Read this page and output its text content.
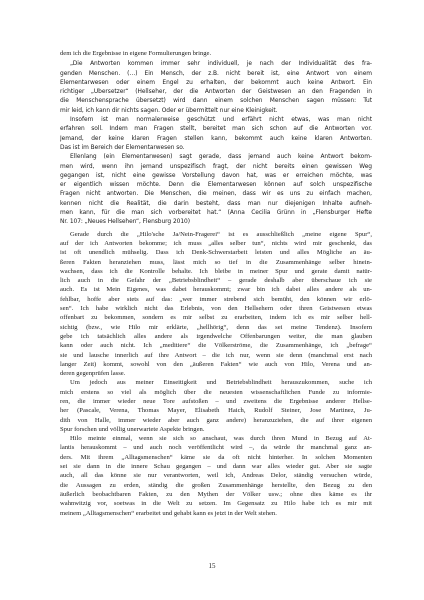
dem ich die Ergebnisse in eigene Formulierungen bringe.
„Die Antworten kommen immer sehr individuell, je nach der Individualität des fra-
genden Menschen. (…) Ein Mensch, der z.B. nicht bereit ist, eine Antwort von einem
Elementarwesen oder einem Engel zu erhalten, der bekommt auch keine Antwort. Ein
richtiger „Übersetzer“ (Hellseher, der die Antworten der Geistwesen an den Fragenden in
die Menschensprache übersetzt) wird dann einem solchen Menschen sagen müssen: Tut
mir leid, ich kann dir nichts sagen. Oder er übermittelt nur eine Kleinigkeit.
Insofern ist man normalerweise geschützt und erfährt nicht etwas, was man nicht
erfahren soll. Indem man Fragen stellt, bereitet man sich schon auf die Antworten vor.
Jemand, der keine klaren Fragen stellen kann, bekommt auch keine klaren Antworten.
Das ist im Bereich der Elementarwesen so.
Ellenlang (ein Elementarwesen) sagt gerade, dass jemand auch keine Antwort bekom-
men wird, wenn ihn jemand unspezifisch fragt, der nicht bereits einen gewissen Weg
gegangen ist, nicht eine gewisse Vorstellung davon hat, was er erreichen möchte, was
er eigentlich wissen möchte. Denn die Elementarwesen können auf solch unspezifische
Fragen nicht antworten. Die Menschen, die meinen, dass wir es uns zu einfach machen,
kennen nicht die Realität, die darin besteht, dass man nur diejenigen Inhalte aufneh-
men kann, für die man sich vorbereitet hat.“ (Anna Cecilia Grünn in „Flensburger Hefte
Nr. 107: „Neues Hellsehen“, Flensburg 2010)
Gerade durch die „Hilo'sche Ja/Nein-Fragerei“ ist es ausschließlich „meine eigene Spur“,
auf der ich Antworten bekomme; ich muss „alles selber tun“, nichts wird mir geschenkt, das
ist oft unendlich mühselig. Dass ich Denk-Schwerstarbeit leisten und alles Mögliche an äu-
ßeren Fakten heranziehen muss, lässt mich so tief in die Zusammenhänge selber hinein-
wachsen, dass ich die Kontrolle behalte. Ich bleibe in meiner Spur und gerate damit natür-
lich auch in die Gefahr der „Betriebsblindheit“ – gerade deshalb aber überschaue ich sie
auch. Es ist Mein Eigenes, was dabei herauskommt; zwar bin ich dabei alles andere als un-
fehlbar, hoffe aber stets auf das: „wer immer strebend sich bemüht, den können wir erlö-
sen“. Ich habe wirklich nicht das Erlebnis, von den Hellsehern oder ihren Geistwesen etwas
offenbart zu bekommen, sondern es mir selbst zu erarbeiten, indem ich es mir selber hell-
sichtig (bzw., wie Hilo mir erklärte, „hellhörig“, denn das sei meine Tendenz). Insofern
gebe ich tatsächlich alles andere als irgendwelche Offenbarungen weiter, die man glauben
kann oder auch nicht. Ich „meditiere“ die Völkerströme, die Zusammenhänge, ich „befrage“
sie und lausche innerlich auf ihre Antwort – die ich nur, wenn sie denn (manchmal erst nach
langer Zeit) kommt, sowohl von den „äußeren Fakten“ wie auch von Hilo, Verena und an-
deren gegenprüfen lasse.
Um jedoch aus meiner Einseitigkeit und Betriebsblindheit herauszukommen, suche ich
mich erstens so viel als möglich über die neuesten wissenschaftlichen Funde zu informie-
ren, die immer wieder neue Tore aufstoßen – und zweitens die Ergebnisse anderer Hellse-
her (Pascale, Verena, Thomas Mayer, Elisabeth Haich, Rudolf Steiner, Jose Martinez, Ju-
dith von Halle, immer wieder aber auch ganz andere) heranzuziehen, die auf ihrer eigenen
Spur forschen und völlig unerwartete Aspekte bringen.
Hilo meinte einmal, wenn sie sich so anschaut, was durch ihren Mund in Bezug auf At-
lantis herauskommt – und auch noch veröffentlicht wird –, da würde ihr manchmal ganz an-
ders. Mit ihrem „Alltagsmenschen“ käme sie da oft nicht hinterher. In solchen Momenten
sei sie dann in die innere Schau gegangen – und dann war alles wieder gut. Aber sie sagte
auch, all das könne sie nur verantworten, weil ich, Andreas Delor, ständig versuchen würde,
die Aussagen zu erden, ständig die großen Zusammenhänge herstellte, den Bezug zu den
äußerlich beobachtbaren Fakten, zu den Mythen der Völker usw.; ohne dies käme es ihr
wahnwitzig vor, soetwas in die Welt zu setzen. Im Gegensatz zu Hilo habe ich es mir mit
meinem „Alltagsmenschen“ erarbeitet und gehabt kann es jetzt in der Welt stehen.
15
